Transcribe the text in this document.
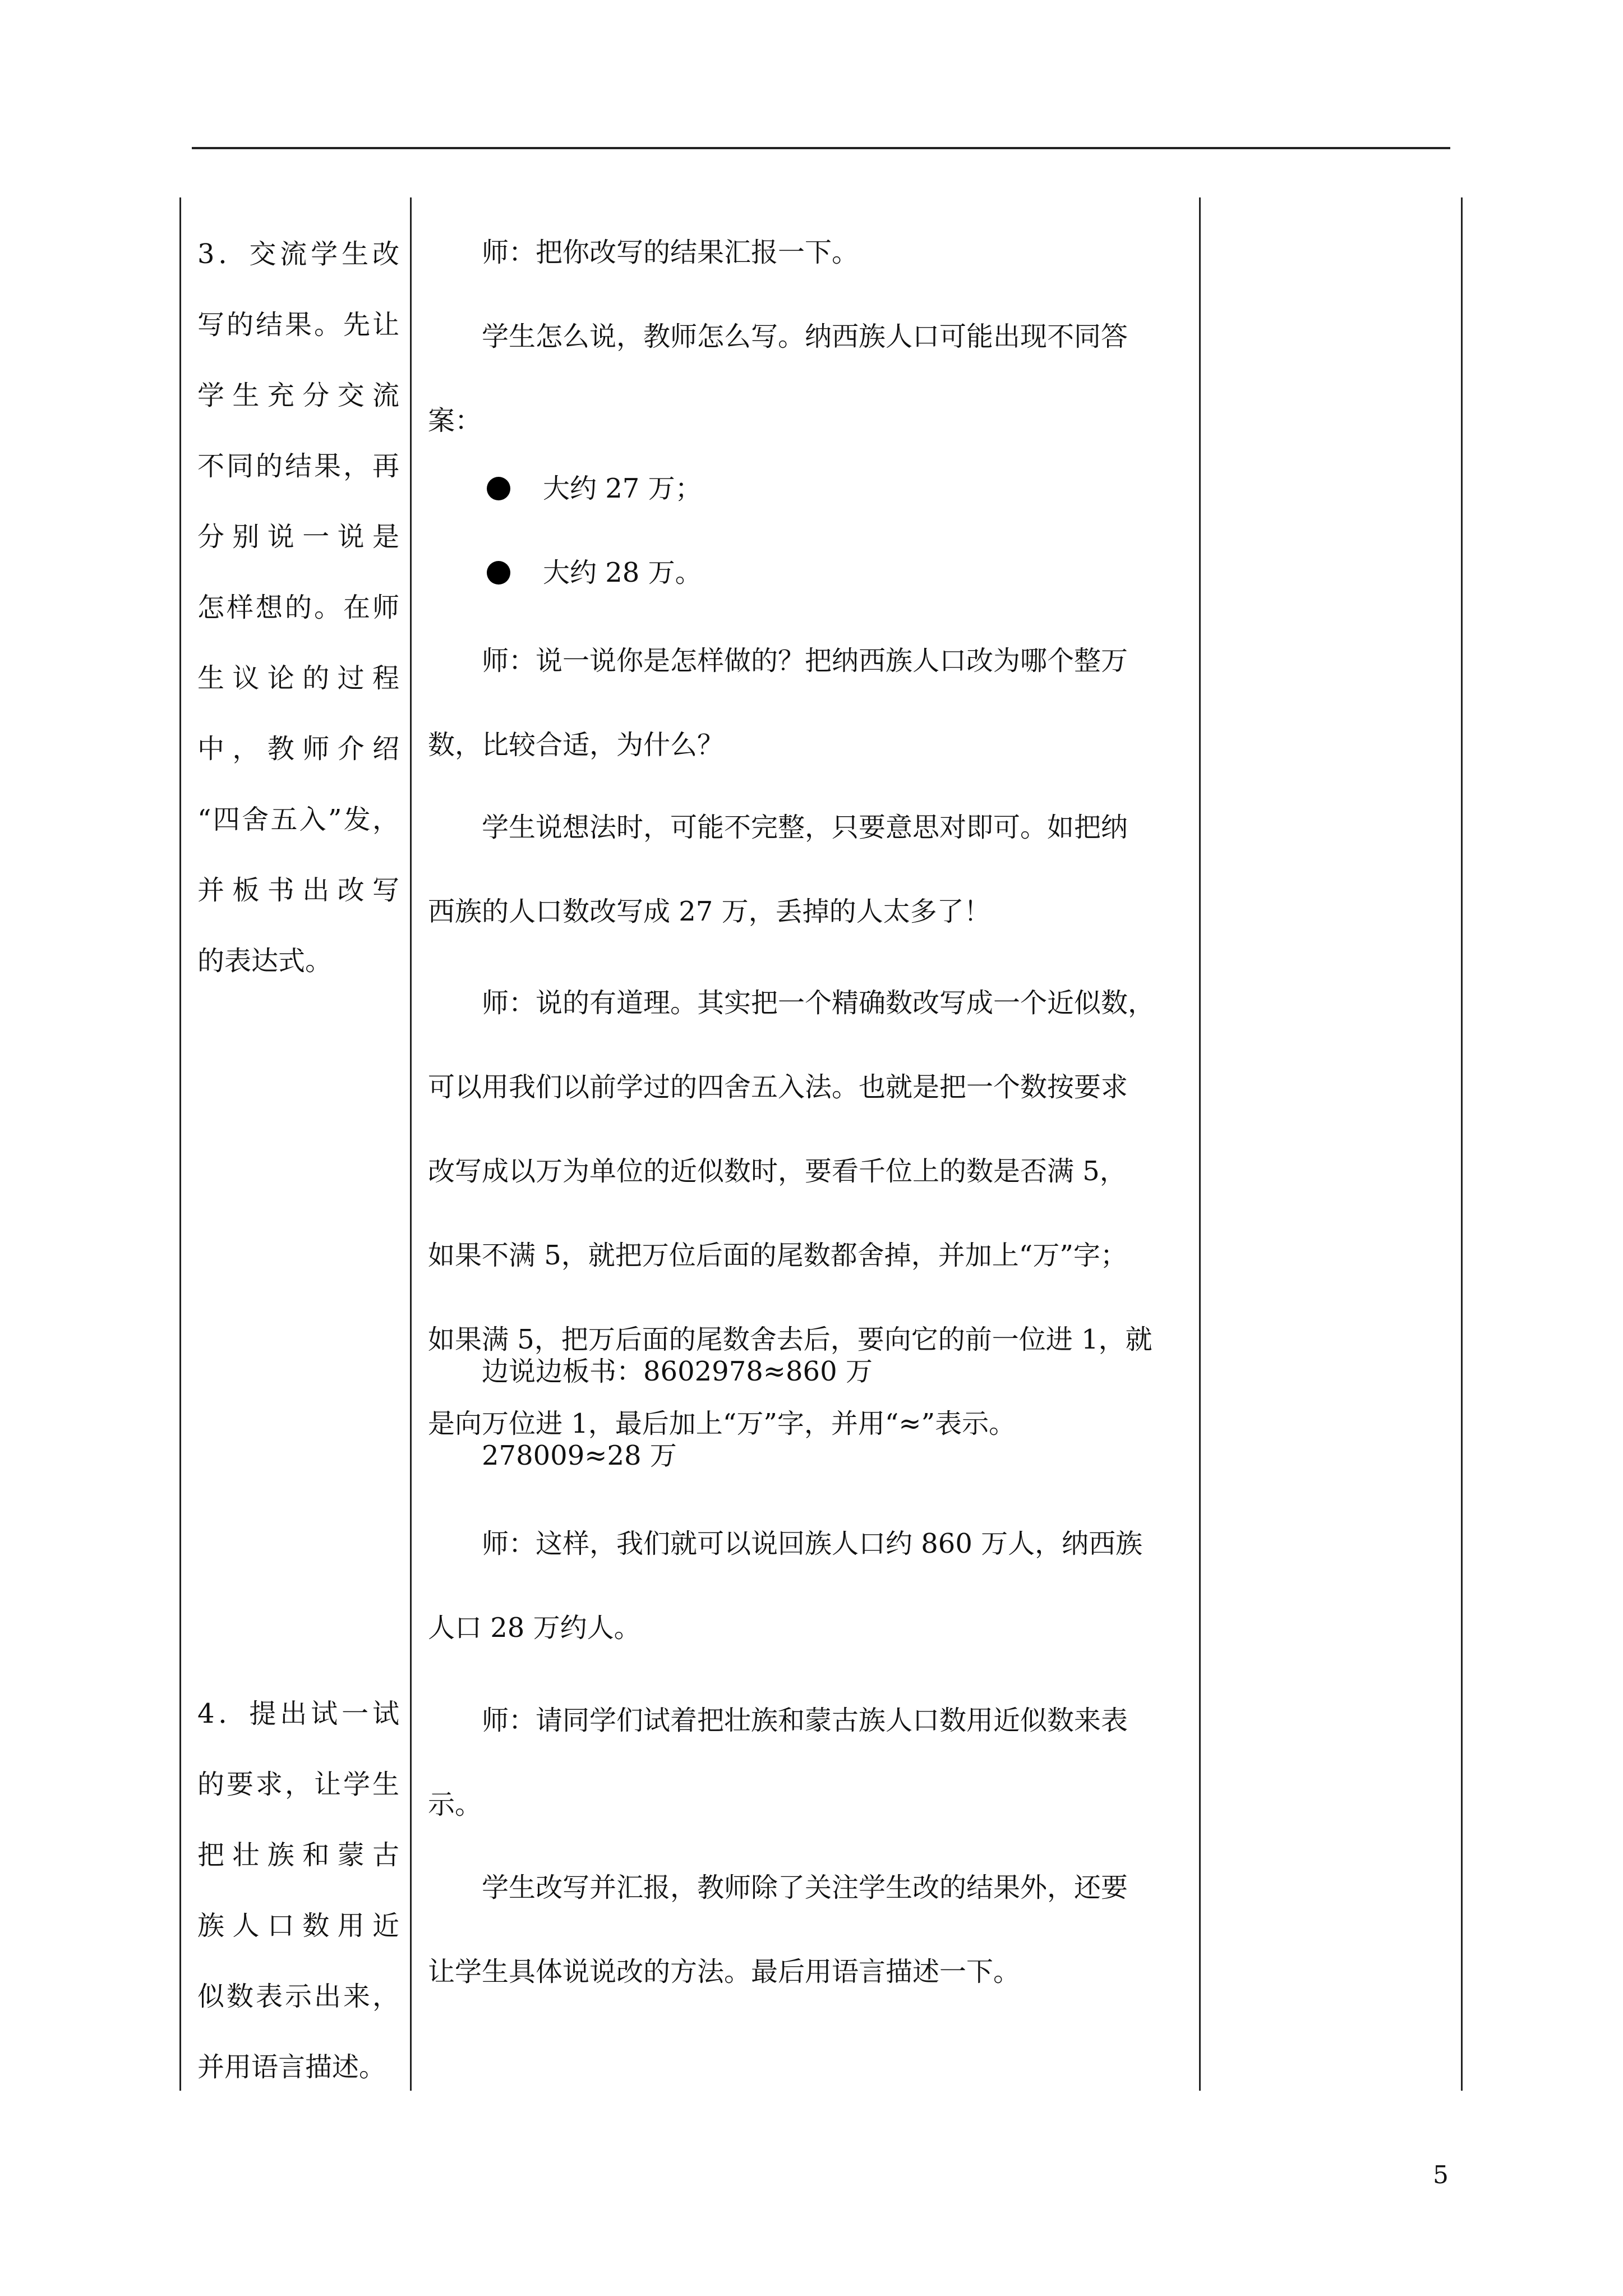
3．交流学生改
写的结果。先让
学生充分交流
不同的结果，再
分别说一说是
怎样想的。在师
生议论的过程
中，教师介绍
“四舍五入”发，
并板书出改写
的表达式。
4．提出试一试
的要求，让学生
把壮族和蒙古
族人口数用近
似数表示出来，
并用语言描述。
师：把你改写的结果汇报一下。
学生怎么说，教师怎么写。纳西族人口可能出现不同答
案：
大约 27 万；
大约 28 万。
师：说一说你是怎样做的？把纳西族人口改为哪个整万
数，比较合适，为什么？
学生说想法时，可能不完整，只要意思对即可。如把纳
西族的人口数改写成 27 万，丢掉的人太多了！
师：说的有道理。其实把一个精确数改写成一个近似数，
可以用我们以前学过的四舍五入法。也就是把一个数按要求
改写成以万为单位的近似数时，要看千位上的数是否满 5，
如果不满 5，就把万位后面的尾数都舍掉，并加上“万”字；
如果满 5，把万后面的尾数舍去后，要向它的前一位进 1，就
是向万位进 1，最后加上“万”字，并用“≈”表示。
边说边板书：8602978≈860 万
278009≈28 万
师：这样，我们就可以说回族人口约 860 万人，纳西族
人口 28 万约人。
师：请同学们试着把壮族和蒙古族人口数用近似数来表
示。
学生改写并汇报，教师除了关注学生改的结果外，还要
让学生具体说说改的方法。最后用语言描述一下。
5
